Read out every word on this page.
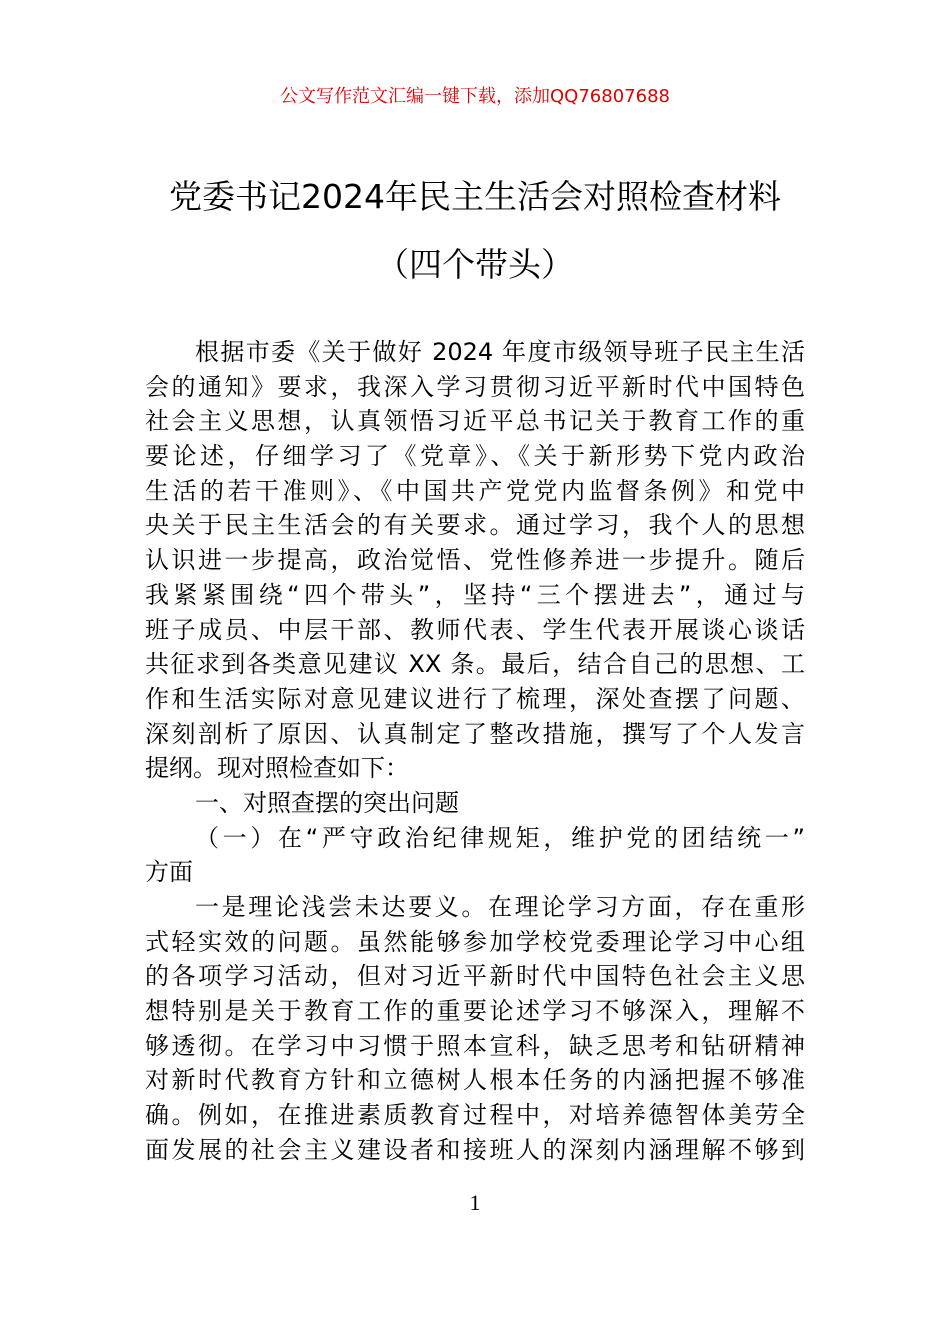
公文写作范文汇编一键下载，添加QQ76807688
党委书记2024年民主生活会对照检查材料
（四个带头）
根据市委《关于做好 2024 年度市级领导班子民主生活
会的通知》要求，我深入学习贯彻习近平新时代中国特色
社会主义思想，认真领悟习近平总书记关于教育工作的重
要论述，仔细学习了《党章》、《关于新形势下党内政治
生活的若干准则》、《中国共产党党内监督条例》和党中
央关于民主生活会的有关要求。通过学习，我个人的思想
认识进一步提高，政治觉悟、党性修养进一步提升。随后
我紧紧围绕“四个带头”，坚持“三个摆进去”，通过与
班子成员、中层干部、教师代表、学生代表开展谈心谈话
共征求到各类意见建议 XX 条。最后，结合自己的思想、工
作和生活实际对意见建议进行了梳理，深处查摆了问题、
深刻剖析了原因、认真制定了整改措施，撰写了个人发言
提纲。现对照检查如下：
一、对照查摆的突出问题
（一）在“严守政治纪律规矩，维护党的团结统一”
方面
一是理论浅尝未达要义。在理论学习方面，存在重形
式轻实效的问题。虽然能够参加学校党委理论学习中心组
的各项学习活动，但对习近平新时代中国特色社会主义思
想特别是关于教育工作的重要论述学习不够深入，理解不
够透彻。在学习中习惯于照本宣科，缺乏思考和钻研精神
对新时代教育方针和立德树人根本任务的内涵把握不够准
确。例如，在推进素质教育过程中，对培养德智体美劳全
面发展的社会主义建设者和接班人的深刻内涵理解不够到
1
